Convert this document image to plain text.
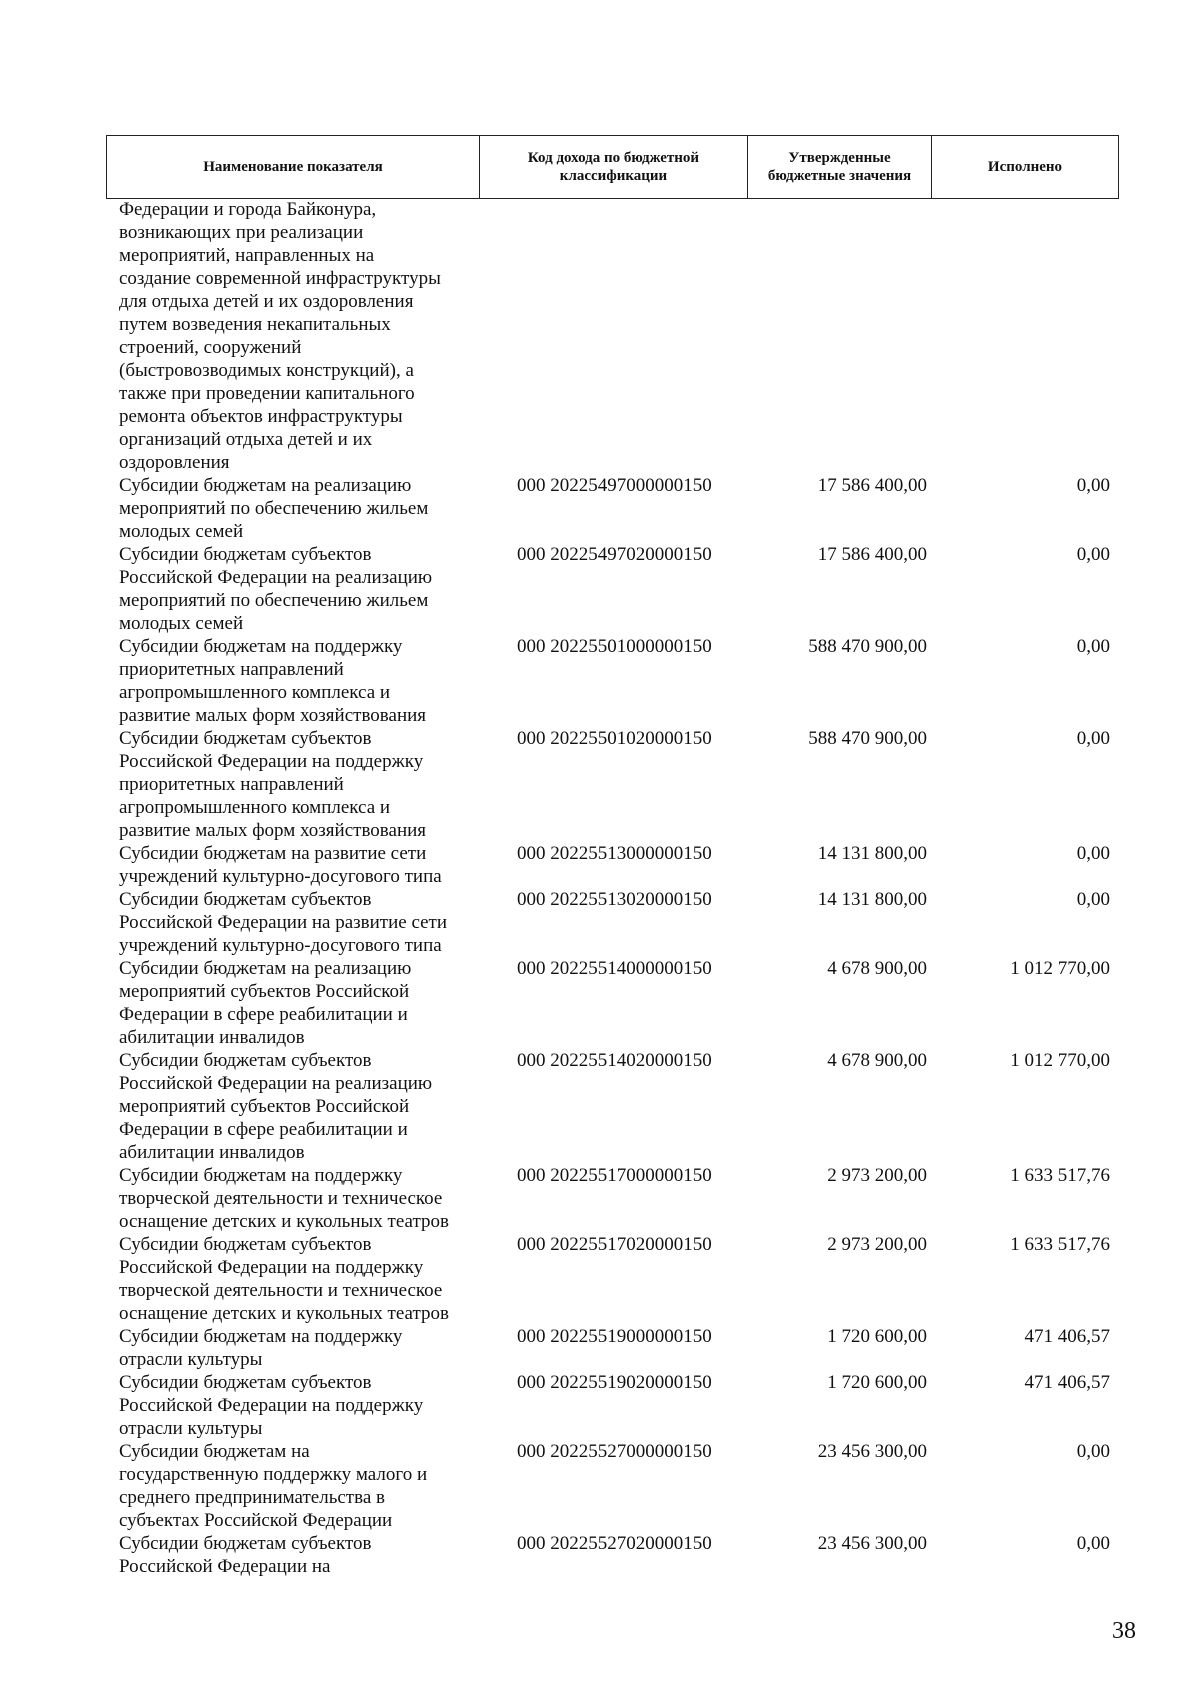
Наименование показателя	Код дохода по бюджетной классификации	Утвержденные бюджетные значения	Исполнено
Федерации и города Байконура,
возникающих при реализации
мероприятий, направленных на
создание современной инфраструктуры
для отдыха детей и их оздоровления
путем возведения некапитальных
строений, сооружений
(быстровозводимых конструкций), а
также при проведении капитального
ремонта объектов инфраструктуры
организаций отдыха детей и их
оздоровления
Субсидии бюджетам на реализацию
мероприятий по обеспечению жильем
молодых семей
000 20225497000000150	17 586 400,00	0,00
Субсидии бюджетам субъектов
Российской Федерации на реализацию
мероприятий по обеспечению жильем
молодых семей
000 20225497020000150	17 586 400,00	0,00
Субсидии бюджетам на поддержку
приоритетных направлений
агропромышленного комплекса и
развитие малых форм хозяйствования
000 20225501000000150	588 470 900,00	0,00
Субсидии бюджетам субъектов
Российской Федерации на поддержку
приоритетных направлений
агропромышленного комплекса и
развитие малых форм хозяйствования
000 20225501020000150	588 470 900,00	0,00
Субсидии бюджетам на развитие сети
учреждений культурно-досугового типа
000 20225513000000150	14 131 800,00	0,00
Субсидии бюджетам субъектов
Российской Федерации на развитие сети
учреждений культурно-досугового типа
000 20225513020000150	14 131 800,00	0,00
Субсидии бюджетам на реализацию
мероприятий субъектов Российской
Федерации в сфере реабилитации и
абилитации инвалидов
000 20225514000000150	4 678 900,00	1 012 770,00
Субсидии бюджетам субъектов
Российской Федерации на реализацию
мероприятий субъектов Российской
Федерации в сфере реабилитации и
абилитации инвалидов
000 20225514020000150	4 678 900,00	1 012 770,00
Субсидии бюджетам на поддержку
творческой деятельности и техническое
оснащение детских и кукольных театров
000 20225517000000150	2 973 200,00	1 633 517,76
Субсидии бюджетам субъектов
Российской Федерации на поддержку
творческой деятельности и техническое
оснащение детских и кукольных театров
000 20225517020000150	2 973 200,00	1 633 517,76
Субсидии бюджетам на поддержку
отрасли культуры
000 20225519000000150	1 720 600,00	471 406,57
Субсидии бюджетам субъектов
Российской Федерации на поддержку
отрасли культуры
000 20225519020000150	1 720 600,00	471 406,57
Субсидии бюджетам на
государственную поддержку малого и
среднего предпринимательства в
субъектах Российской Федерации
000 20225527000000150	23 456 300,00	0,00
Субсидии бюджетам субъектов
Российской Федерации на
000 20225527020000150	23 456 300,00	0,00
38
